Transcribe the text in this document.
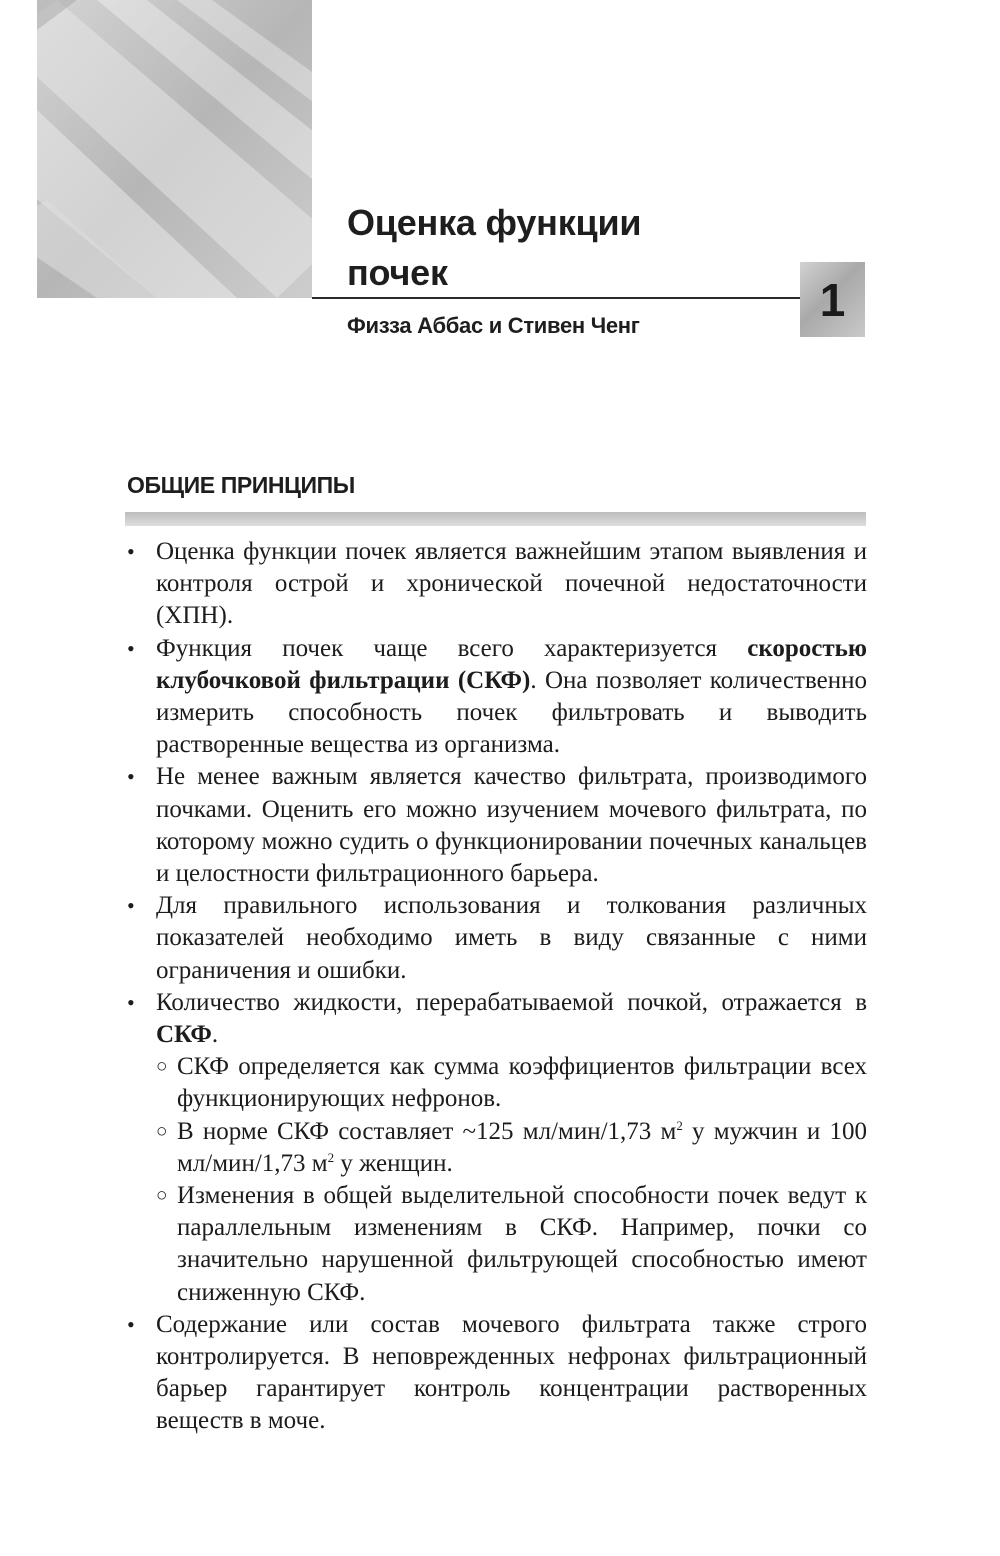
Оценка функции
почек
1
Физза Аббас и Стивен Ченг
ОБЩИЕ ПРИНЦИПЫ
• Оценка функции почек является важнейшим этапом выявления и контроля острой и хронической почечной недостаточности (ХПН).
• Функция почек чаще всего характеризуется скоростью клубочковой фильтрации (СКФ). Она позволяет количественно измерить способность почек фильтровать и выводить растворенные вещества из организма.
• Не менее важным является качество фильтрата, производимого почками. Оценить его можно изучением мочевого фильтрата, по которому можно судить о функционировании почечных канальцев и целостности фильтрационного барьера.
• Для правильного использования и толкования различных показателей необходимо иметь в виду связанные с ними ограничения и ошибки.
• Количество жидкости, перерабатываемой почкой, отражается в СКФ.
○ СКФ определяется как сумма коэффициентов фильтрации всех функционирующих нефронов.
○ В норме СКФ составляет ~125 мл/мин/1,73 $м^2$ у мужчин и 100 мл/мин/1,73 $м^2$ у женщин.
○ Изменения в общей выделительной способности почек ведут к параллельным изменениям в СКФ. Например, почки со значительно нарушенной фильтрующей способностью имеют сниженную СКФ.
• Содержание или состав мочевого фильтрата также строго контролируется. В неповрежденных нефронах фильтрационный барьер гарантирует контроль концентрации растворенных веществ в моче.
